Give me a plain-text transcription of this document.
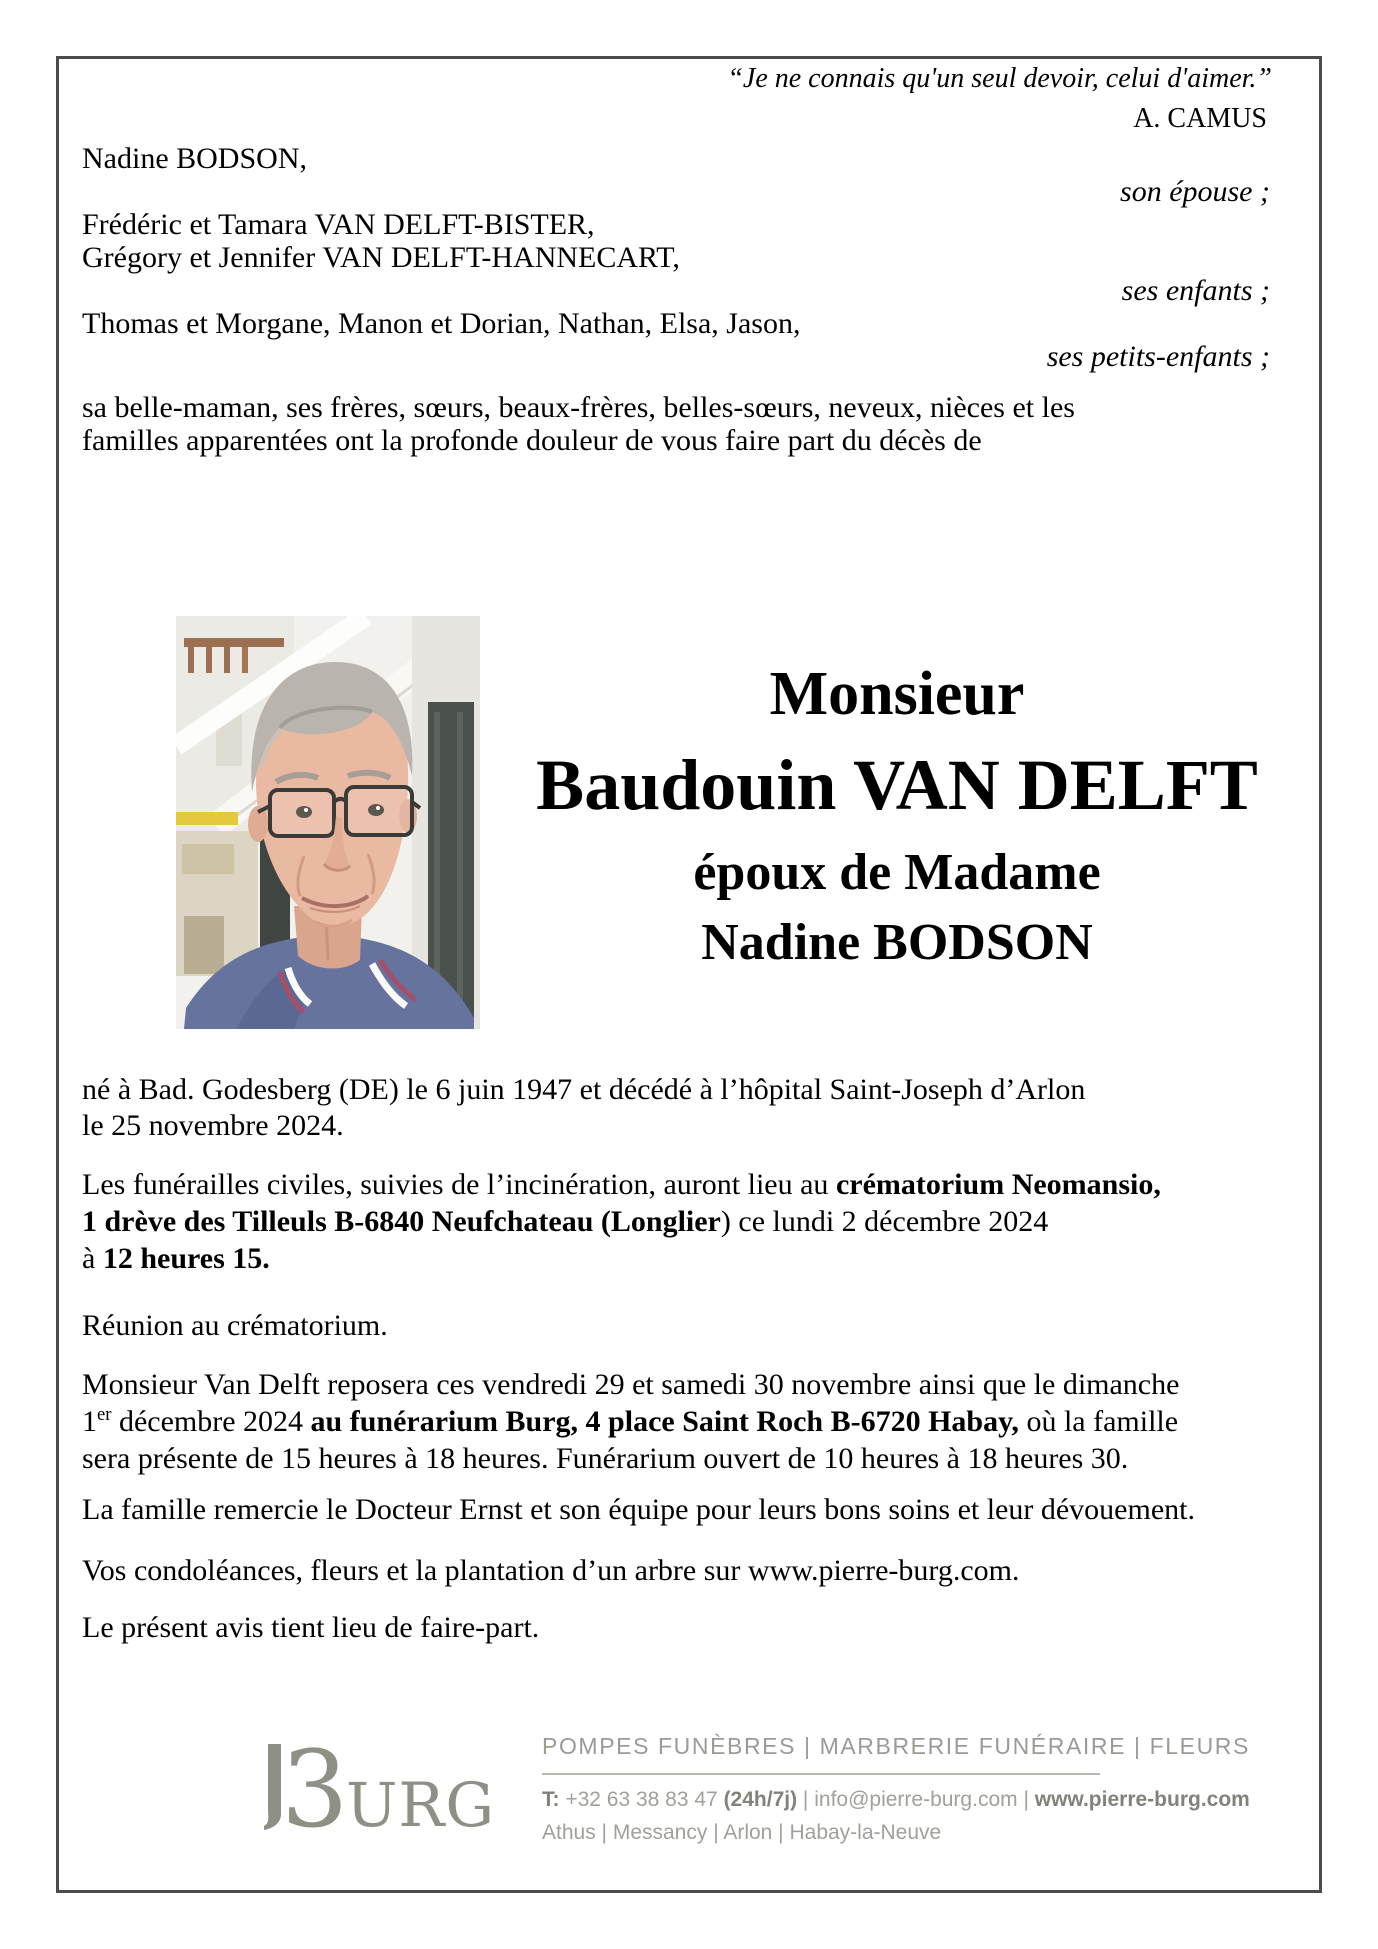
“Je ne connais qu'un seul devoir, celui d'aimer.”
A. CAMUS
Nadine BODSON,
son épouse ;
Frédéric et Tamara VAN DELFT-BISTER,
Grégory et Jennifer VAN DELFT-HANNECART,
ses enfants ;
Thomas et Morgane, Manon et Dorian, Nathan, Elsa, Jason,
ses petits-enfants ;
sa belle-maman, ses frères, sœurs, beaux-frères, belles-sœurs, neveux, nièces et les
familles apparentées ont la profonde douleur de vous faire part du décès de
Monsieur
Baudouin VAN DELFT
époux de Madame
Nadine BODSON
né à Bad. Godesberg (DE) le 6 juin 1947 et décédé à l’hôpital Saint-Joseph d’Arlon
le 25 novembre 2024.
Les funérailles civiles, suivies de l’incinération, auront lieu au crématorium Neomansio,
1 drève des Tilleuls B-6840 Neufchateau (Longlier) ce lundi 2 décembre 2024
à 12 heures 15.
Réunion au crématorium.
Monsieur Van Delft reposera ces vendredi 29 et samedi 30 novembre ainsi que le dimanche
1er décembre 2024 au funérarium Burg, 4 place Saint Roch B-6720 Habay, où la famille
sera présente de 15 heures à 18 heures. Funérarium ouvert de 10 heures à 18 heures 30.
La famille remercie le Docteur Ernst et son équipe pour leurs bons soins et leur dévouement.
Vos condoléances, fleurs et la plantation d’un arbre sur www.pierre-burg.com.
Le présent avis tient lieu de faire-part.
3
URG
POMPES FUNÈBRES | MARBRERIE FUNÉRAIRE | FLEURS
T: +32 63 38 83 47 (24h/7j) | info@pierre-burg.com | www.pierre-burg.com
Athus | Messancy | Arlon | Habay-la-Neuve
